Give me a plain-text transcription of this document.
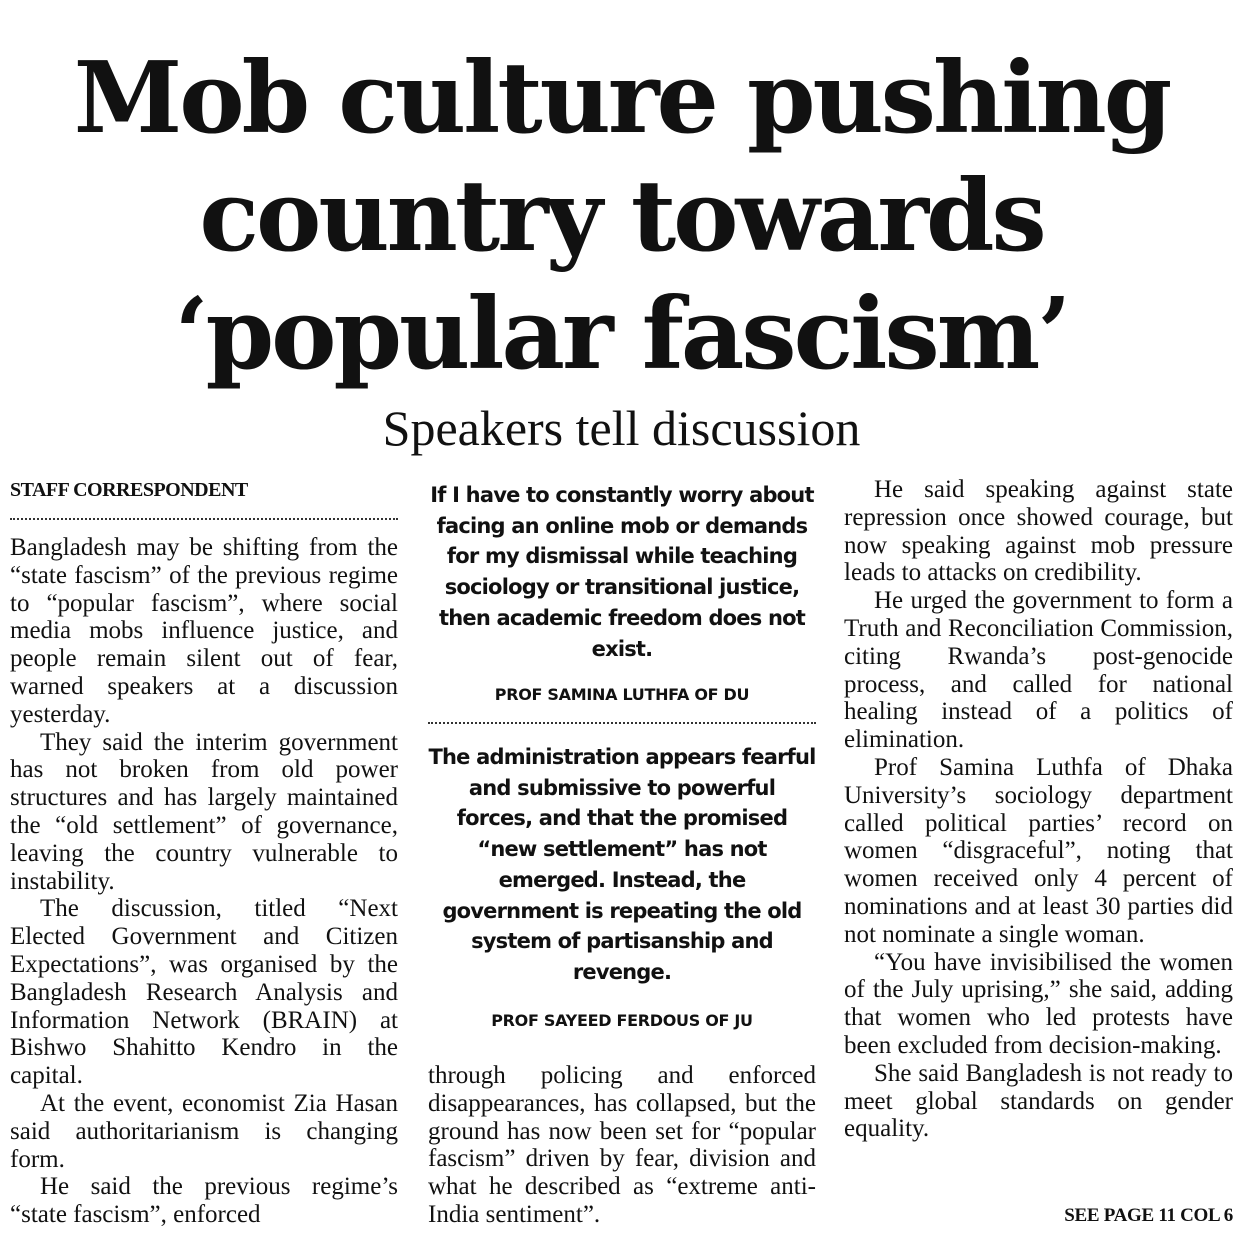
Mob culture pushing
country towards
‘popular fascism’
Speakers tell discussion
STAFF CORRESPONDENT

Bangladesh may be shifting from the “state fascism” of the previous regime to “popular fascism”, where social media mobs influence justice, and people remain silent out of fear, warned speakers at a discussion yesterday.

They said the interim government has not broken from old power structures and has largely maintained the “old settlement” of governance, leaving the country vulnerable to instability.

The discussion, titled “Next Elected Government and Citizen Expectations”, was organised by the Bangladesh Research Analysis and Information Network (BRAIN) at Bishwo Shahitto Kendro in the capital.

At the event, economist Zia Hasan said authoritarianism is changing form.

He said the previous regime’s “state fascism”, enforced

If I have to constantly worry about facing an online mob or demands for my dismissal while teaching sociology or transitional justice, then academic freedom does not exist.

PROF SAMINA LUTHFA OF DU

The administration appears fearful and submissive to powerful forces, and that the promised “new settlement” has not emerged. Instead, the government is repeating the old system of partisanship and revenge.

PROF SAYEED FERDOUS OF JU

through policing and enforced disappearances, has collapsed, but the ground has now been set for “popular fascism” driven by fear, division and what he described as “extreme anti-India sentiment”.

He said speaking against state repression once showed courage, but now speaking against mob pressure leads to attacks on credibility.

He urged the government to form a Truth and Reconciliation Commission, citing Rwanda’s post-genocide process, and called for national healing instead of a politics of elimination.

Prof Samina Luthfa of Dhaka University’s sociology department called political parties’ record on women “disgraceful”, noting that women received only 4 percent of nominations and at least 30 parties did not nominate a single woman.

“You have invisibilised the women of the July uprising,” she said, adding that women who led protests have been excluded from decision-making.

She said Bangladesh is not ready to meet global standards on gender equality.

SEE PAGE 11 COL 6
